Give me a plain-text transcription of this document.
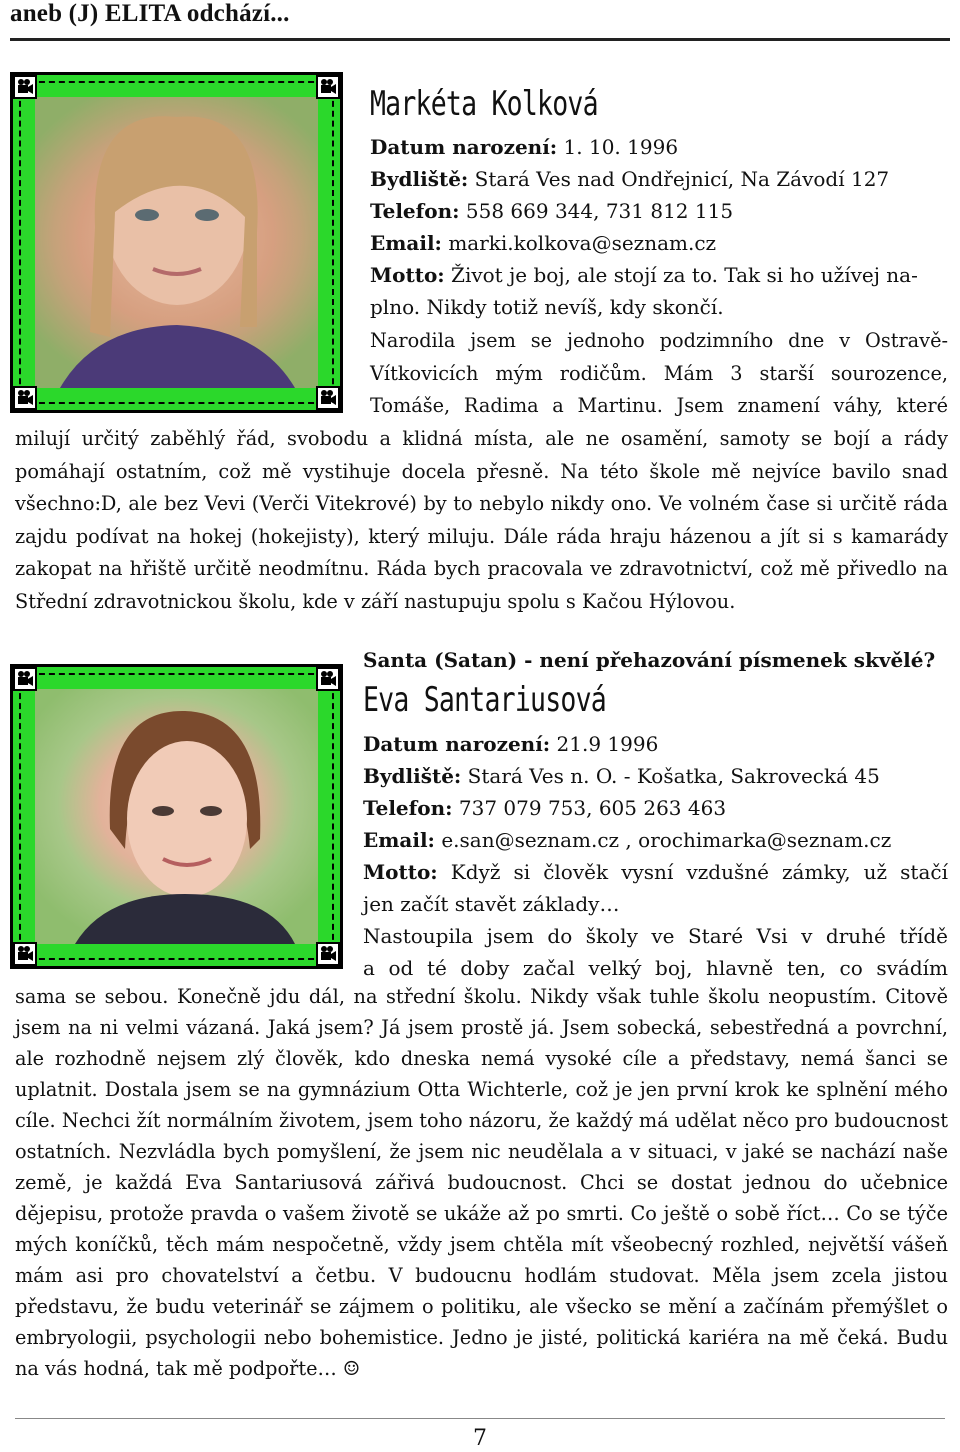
aneb (J) ELITA odchází...
Markéta Kolková
Datum narození: 1. 10. 1996
Bydliště: Stará Ves nad Ondřejnicí, Na Závodí 127
Telefon: 558 669 344, 731 812 115
Email: marki.kolkova@seznam.cz
Motto: Život je boj, ale stojí za to. Tak si ho užívej na-
plno. Nikdy totiž nevíš, kdy skončí.
Narodila jsem se jednoho podzimního dne v Ostravě-
Vítkovicích mým rodičům. Mám 3 starší sourozence,
Tomáše, Radima a Martinu. Jsem znamení váhy, které

milují určitý zaběhlý řád, svobodu a klidná místa, ale ne osamění, samoty se bojí a rády pomáhají ostatním, což mě vystihuje docela přesně. Na této škole mě nejvíce bavilo snad všechno:D, ale bez Vevi (Verči Vitekrové) by to nebylo nikdy ono. Ve volném čase si určitě ráda zajdu podívat na hokej (hokejisty), který miluju. Dále ráda hraju házenou a jít si s kamarády zakopat na hřiště určitě neodmítnu. Ráda bych pracovala ve zdravotnictví, což mě přivedlo na Střední zdravotnickou školu, kde v září nastupuju spolu s Kačou Hýlovou.

Santa (Satan) - není přehazování písmenek skvělé?
Eva Santariusová
Datum narození: 21.9 1996
Bydliště: Stará Ves n. O. - Košatka, Sakrovecká 45
Telefon: 737 079 753, 605 263 463
Email: e.san@seznam.cz , orochimarka@seznam.cz
Motto: Když si člověk vysní vzdušné zámky, už stačí
jen začít stavět základy…
Nastoupila jsem do školy ve Staré Vsi v druhé třídě
a od té doby začal velký boj, hlavně ten, co svádím

sama se sebou. Konečně jdu dál, na střední školu. Nikdy však tuhle školu neopustím. Citově jsem na ni velmi vázaná. Jaká jsem? Já jsem prostě já. Jsem sobecká, sebestředná a povrchní, ale rozhodně nejsem zlý člověk, kdo dneska nemá vysoké cíle a představy, nemá šanci se uplatnit. Dostala jsem se na gymnázium Otta Wichterle, což je jen první krok ke splnění mého cíle. Nechci žít normálním životem, jsem toho názoru, že každý má udělat něco pro budoucnost ostatních. Nezvládla bych pomyšlení, že jsem nic neudělala a v situaci, v jaké se nachází naše země, je každá Eva Santariusová zářivá budoucnost. Chci se dostat jednou do učebnice dějepisu, protože pravda o vašem životě se ukáže až po smrti. Co ještě o sobě říct… Co se týče mých koníčků, těch mám nespočetně, vždy jsem chtěla mít všeobecný rozhled, největší vášeň mám asi pro chovatelství a četbu. V budoucnu hodlám studovat. Měla jsem zcela jistou představu, že budu veterinář se zájmem o politiku, ale všecko se mění a začínám přemýšlet o embryologii, psychologii nebo bohemistice. Jedno je jisté, politická kariéra na mě čeká. Budu na vás hodná, tak mě podpořte… ☺

7
